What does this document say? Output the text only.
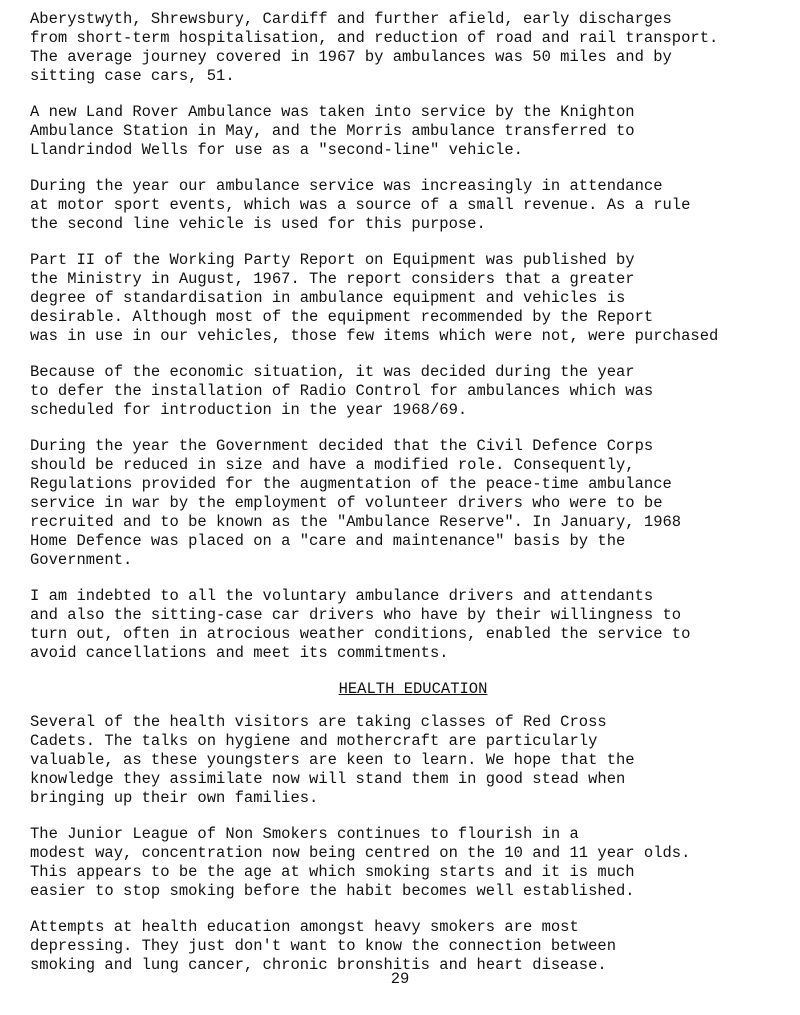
Aberystwyth, Shrewsbury, Cardiff and further afield, early discharges
from short-term hospitalisation, and reduction of road and rail transport.
The average journey covered in 1967 by ambulances was 50 miles and by
sitting case cars, 51.
A new Land Rover Ambulance was taken into service by the Knighton
Ambulance Station in May, and the Morris ambulance transferred to
Llandrindod Wells for use as a "second-line" vehicle.
During the year our ambulance service was increasingly in attendance
at motor sport events, which was a source of a small revenue. As a rule
the second line vehicle is used for this purpose.
Part II of the Working Party Report on Equipment was published by
the Ministry in August, 1967. The report considers that a greater
degree of standardisation in ambulance equipment and vehicles is
desirable. Although most of the equipment recommended by the Report
was in use in our vehicles, those few items which were not, were purchased
Because of the economic situation, it was decided during the year
to defer the installation of Radio Control for ambulances which was
scheduled for introduction in the year 1968/69.
During the year the Government decided that the Civil Defence Corps
should be reduced in size and have a modified role. Consequently,
Regulations provided for the augmentation of the peace-time ambulance
service in war by the employment of volunteer drivers who were to be
recruited and to be known as the "Ambulance Reserve". In January, 1968
Home Defence was placed on a "care and maintenance" basis by the
Government.
I am indebted to all the voluntary ambulance drivers and attendants
and also the sitting-case car drivers who have by their willingness to
turn out, often in atrocious weather conditions, enabled the service to
avoid cancellations and meet its commitments.
HEALTH EDUCATION
Several of the health visitors are taking classes of Red Cross
Cadets. The talks on hygiene and mothercraft are particularly
valuable, as these youngsters are keen to learn. We hope that the
knowledge they assimilate now will stand them in good stead when
bringing up their own families.
The Junior League of Non Smokers continues to flourish in a
modest way, concentration now being centred on the 10 and 11 year olds.
This appears to be the age at which smoking starts and it is much
easier to stop smoking before the habit becomes well established.
Attempts at health education amongst heavy smokers are most
depressing. They just don't want to know the connection between
smoking and lung cancer, chronic bronshitis and heart disease.
29
